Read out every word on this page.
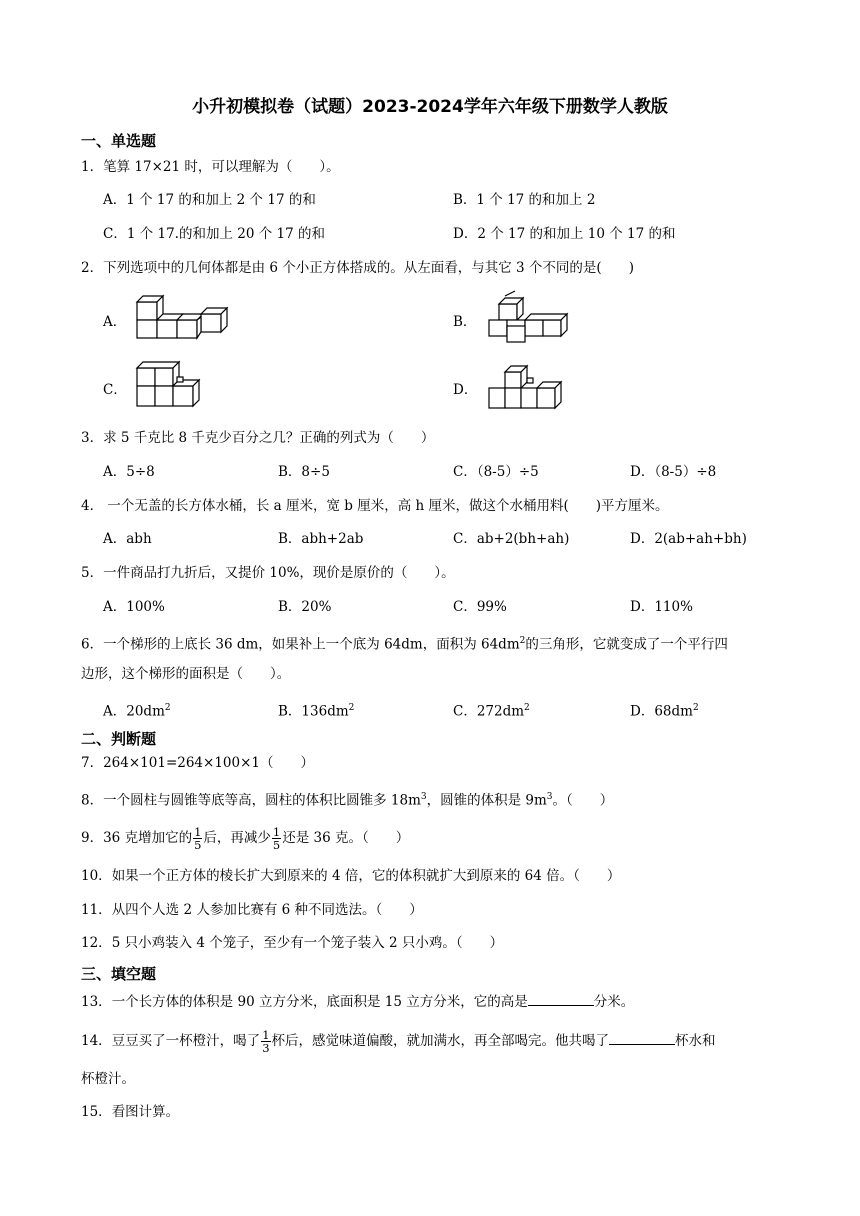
小升初模拟卷（试题）2023-2024学年六年级下册数学人教版
一、单选题
1．笔算 17×21 时，可以理解为（　　）。
A．1 个 17 的和加上 2 个 17 的和	B．1 个 17 的和加上 2
C．1 个 17.的和加上 20 个 17 的和	D．2 个 17 的和加上 10 个 17 的和
2．下列选项中的几何体都是由 6 个小正方体搭成的。从左面看，与其它 3 个不同的是(　　)
A．	B．
C．	D．
3．求 5 千克比 8 千克少百分之几？正确的列式为（　　）
A．5÷8	B．8÷5	C．（8-5）÷5	D．（8-5）÷8
4． 一个无盖的长方体水桶，长 a 厘米，宽 b 厘米，高 h 厘米，做这个水桶用料(　　)平方厘米。
A．abh	B．abh+2ab	C．ab+2(bh+ah)	D．2(ab+ah+bh)
5．一件商品打九折后，又提价 10%，现价是原价的（　　）。
A．100%	B．20%	C．99%	D．110%
6．一个梯形的上底长 36 dm，如果补上一个底为 64dm，面积为 $64dm^2$的三角形，它就变成了一个平行四
边形，这个梯形的面积是（　　）。
A．$20dm^2$	B．$136dm^2$	C．$272dm^2$	D．$68dm^2$
二、判断题
7．264×101=264×100×1（　　）
8．一个圆柱与圆锥等底等高，圆柱的体积比圆锥多 $18m^3$，圆锥的体积是 $9m^3$。（　　）
9．36 克增加它的 $\frac{1}{5}$ 后，再减少 $\frac{1}{5}$ 还是 36 克。（　　）
10．如果一个正方体的棱长扩大到原来的 4 倍，它的体积就扩大到原来的 64 倍。（　　）
11．从四个人选 2 人参加比赛有 6 种不同选法。（　　）
12．5 只小鸡装入 4 个笼子，至少有一个笼子装入 2 只小鸡。（　　）
三、填空题
13．一个长方体的体积是 90 立方分米，底面积是 15 立方分米，它的高是	分米。
14．豆豆买了一杯橙汁，喝了 $\frac{1}{3}$ 杯后，感觉味道偏酸，就加满水，再全部喝完。他共喝了	杯水和
杯橙汁。
15．看图计算。
